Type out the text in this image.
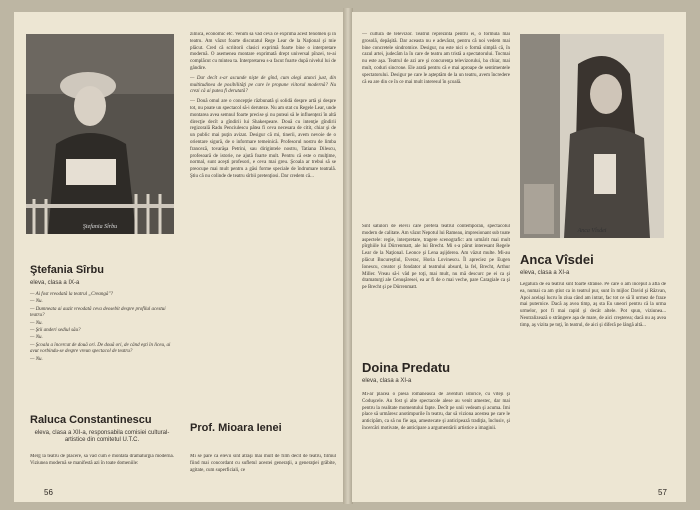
Ştefania Sîrbu

zilnică, economic etc. Venim să văd ceva ce exprimă acest fenomen şi în teatru. Am văzut foarte discutatul Rege Lear de la Naţional şi mie plăcut. Cred că scriitorii clasici exprimă foarte bine o interpretare modernă. O asemenea montare exprimată drept universal pînzei, te-ai complăcut cu mintea ta. Interpretarea s-a facut foarte după nivelul lui de gândire.

— Dar decît s-ar ascunde nişte de gînd, cum alegi atunci just, din multitudinea de posibilităţi pe care le propune viitorul modernă? Nu crezi că ai putea fi derutată?

— Două omul are o concepţie răzbunată şi solidă despre artă şi despre tot, nu poate un spectacol să-i deruteze. Nu am stat cu Regele Lear, unde montarea avea semnul foarte precise şi nu puteai să le influenţezi în altă direcţie decît a gîndirii lui Shakespeare. Două cu intenţie gîndirii regizorală Radu Penciulescu pătea fi ceva necesara de citit, chiar şi de un public mai puţin avizat. Desigur că mi, tinerii, avem nevoie de o orientare sigură, de o informare temeinică. Profesorul nostru de limba franceză, tovarăşa Petrini, sau dirigintele nostru, Tatiana Dilescu, profesoară de istorie, ne ajută foarte mult. Pentru că este o mulţime, normal, sunt aceşti profesori, e ceva mai greu. Şcoala ar trebui să se preocupe mai mult pentru a găsi forme speciale de îndrumare teatrală. Ştiu că nu colinde de teatru sîrbii pretenţiosi. Dar credem că...

Ştefania Sîrbu
eleva, clasa a IX-a

— Ai fost vreodată la teatrul „Creangă"?

— Nu.

— Dumneata ai auzit vreodată ceva deosebit despre profilul acestui teatru?

— Nu.

— Ştii anderi sediul său?

— Nu.

— Şcoala a încercat de două ori. De două ori, de când eşti în liceu, ai avut vorbindu-se despre vreun spectacol de teatru?

— Nu.

Raluca Constantinescu
eleva, clasa a XII-a, responsabila comisiei cultural-artistice din comitetul U.T.C.

Merg la teatru de plăcere, să văd cum e montată dramaturgia modernă. Viziunea modernă se manifestă azi în toate domeniile:

Prof. Mioara Ienei

Mi se pare că elevii sînt atraşi mai mult de film decît de teatru, filmul fiind mai concordant cu sufletul acestei generaţii, a generaţiei grăbite, agitate, cum superficiali, ce

56

— cultura de televizor. Teatrul reprezintă pentru ei, o formulă mai grosolă, depăşită. Dar aceasta nu e adevărat, pentru că noi vedem mai bine concretele sindromice. Desigur, nu este nici o formă simplă că, în cazul artei, judecăm la în care de teatru am tristă a spectatorului. Tocmai nu este aşa. Teatrul de azi are şi concurenţa televizorului, ba chiar, mai mult, coduri sincrone. Ele arată pentru că e mai aproape de sentimentele spectatorului. Desigur pe care le aşteptăm de la un teatru, avem încredere că ea are din ce în ce mai mult interesul în şcoală.

Sînt sătulori de elevii care preferă teatrul contemporan, spectacolul modern de calitate. Am văzut Nepotul lui Rameau, impresionant sub toate aspectele: regie, interpretare, tragere scenografic: am urmărit mai mult pîrghiile lui Dürrenmatt, ale lui Brecht. Mi s-a părut interesant Regele Lear de la Naţional. Leonce şi Lena aşijderea. Am văzut multe. Mi-au plăcut Bucureştiul, Everac, Horia Lovinescu. Îl apreciez pe Eugen Ionescu, creator şi fondator al teatrului absurd, la fel, Brecht, Arthur Miller. Vreau să-i văd pe toţi, mai mult, nu mă descurc pe ei ca şi dramaturgi ale Cenuşăresei, ea ar fi de o mai veche, pare Caragiale ca şi pe Brecht şi pe Dürrenmatt.

Anca Vîsdei
Anca Vîsdei
eleva, clasa a XI-a

Legătura de ea teatrul sînt foarte strânse. Pe care o am început a afla de ea, numai ca am ştiut ca in teatrul pur, sunt în mijloc David şi Răzvan, Apoi acelaşi lucru în ziua când am intrat, fac tot ce să îl urmez de fraze mai puternice. Dacă aş avea timp, aş sta Eu uneori pentru că la urma urmelor, pot fi mai rapid şi decât altele. Pot spun, viziunea... Neutralizează o strângere aşa de mare, de aici creşterea; dacă nu aş avea timp, aş vizita pe toţi, în teatrul, de aici şi diferă pe lângă altă...

Doina Predatu
eleva, clasa a XI-a

Mi-ar plăcea o piesă românească de aventuri istorice, cu viteji şi Coduşcele. Au fost şi alte spectacole alese au venit amestec, dar mai pentru la realitate momentului fapte. Decît pe unii vedeam şi acuma. Imi place să urmăresc anotimpurile în teatru, dar să viziona acestea pe care le anticipăm, ca să nu fie aşa, amestecate şi anticipează tradiţia, înclusiv, şi încercări motivate, de anticipare a argumentării artistice a imaginii.

57
